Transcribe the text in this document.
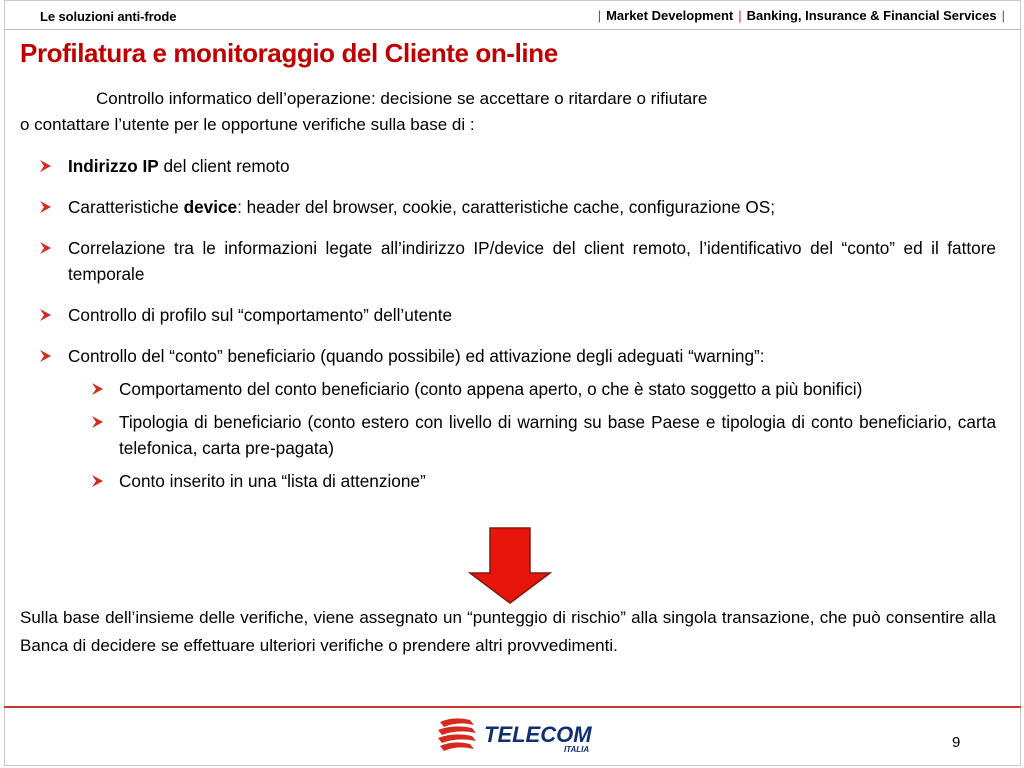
Le soluzioni anti-frode	| Market Development | Banking, Insurance & Financial Services |
Profilatura e monitoraggio del Cliente on-line
Controllo informatico dell’operazione: decisione se accettare o ritardare o rifiutare
o contattare l’utente per le opportune verifiche sulla base di :
Indirizzo IP del client remoto
Caratteristiche device: header del browser, cookie, caratteristiche cache, configurazione OS;
Correlazione tra le informazioni legate all’indirizzo IP/device del client remoto, l’identificativo del “conto” ed il fattore temporale
Controllo di profilo sul “comportamento” dell’utente
Controllo del “conto” beneficiario (quando possibile) ed attivazione degli adeguati “warning”:
Comportamento del conto beneficiario (conto appena aperto, o che è stato soggetto a più bonifici)
Tipologia di beneficiario (conto estero con livello di warning su base Paese e tipologia di conto beneficiario, carta telefonica, carta pre-pagata)
Conto inserito in una “lista di attenzione”
Sulla base dell’insieme delle verifiche, viene assegnato un “punteggio di rischio” alla singola transazione, che può consentire alla Banca di decidere se effettuare ulteriori verifiche o prendere altri provvedimenti.
TELECOM
ITALIA	9
